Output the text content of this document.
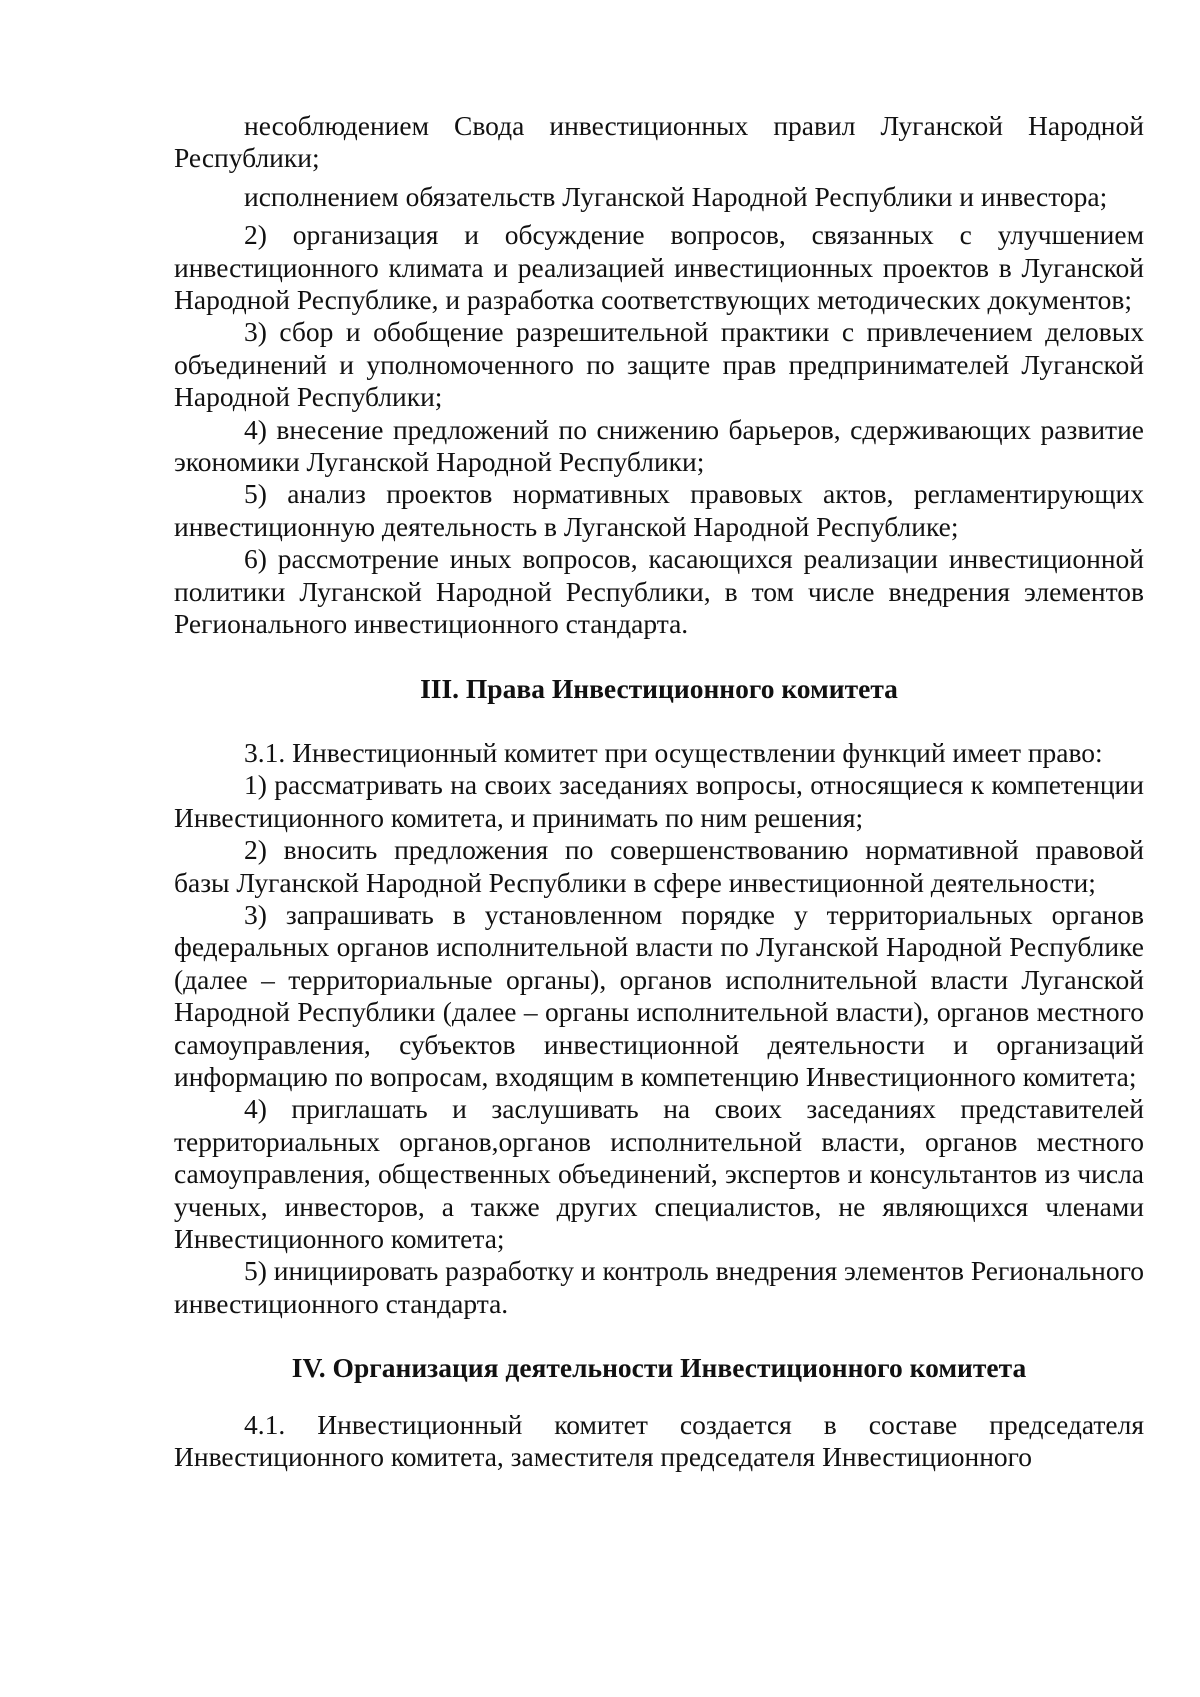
несоблюдением Свода инвестиционных правил Луганской Народной Республики;

исполнением обязательств Луганской Народной Республики и инвестора;

2) организация и обсуждение вопросов, связанных с улучшением инвестиционного климата и реализацией инвестиционных проектов в Луганской Народной Республике, и разработка соответствующих методических документов;

3) сбор и обобщение разрешительной практики с привлечением деловых объединений и уполномоченного по защите прав предпринимателей Луганской Народной Республики;

4) внесение предложений по снижению барьеров, сдерживающих развитие экономики Луганской Народной Республики;

5) анализ проектов нормативных правовых актов, регламентирующих инвестиционную деятельность в Луганской Народной Республике;

6) рассмотрение иных вопросов, касающихся реализации инвестиционной политики Луганской Народной Республики, в том числе внедрения элементов Регионального инвестиционного стандарта.

III. Права Инвестиционного комитета

3.1. Инвестиционный комитет при осуществлении функций имеет право:

1) рассматривать на своих заседаниях вопросы, относящиеся к компетенции Инвестиционного комитета, и принимать по ним решения;

2) вносить предложения по совершенствованию нормативной правовой базы Луганской Народной Республики в сфере инвестиционной деятельности;

3) запрашивать в установленном порядке у территориальных органов федеральных органов исполнительной власти по Луганской Народной Республике (далее – территориальные органы), органов исполнительной власти Луганской Народной Республики (далее – органы исполнительной власти), органов местного самоуправления, субъектов инвестиционной деятельности и организаций информацию по вопросам, входящим в компетенцию Инвестиционного комитета;

4) приглашать и заслушивать на своих заседаниях представителей территориальных органов,органов исполнительной власти, органов местного самоуправления, общественных объединений, экспертов и консультантов из числа ученых, инвесторов, а также других специалистов, не являющихся членами Инвестиционного комитета;

5) инициировать разработку и контроль внедрения элементов Регионального инвестиционного стандарта.

IV. Организация деятельности Инвестиционного комитета

4.1. Инвестиционный комитет создается в составе председателя Инвестиционного комитета, заместителя председателя Инвестиционного
